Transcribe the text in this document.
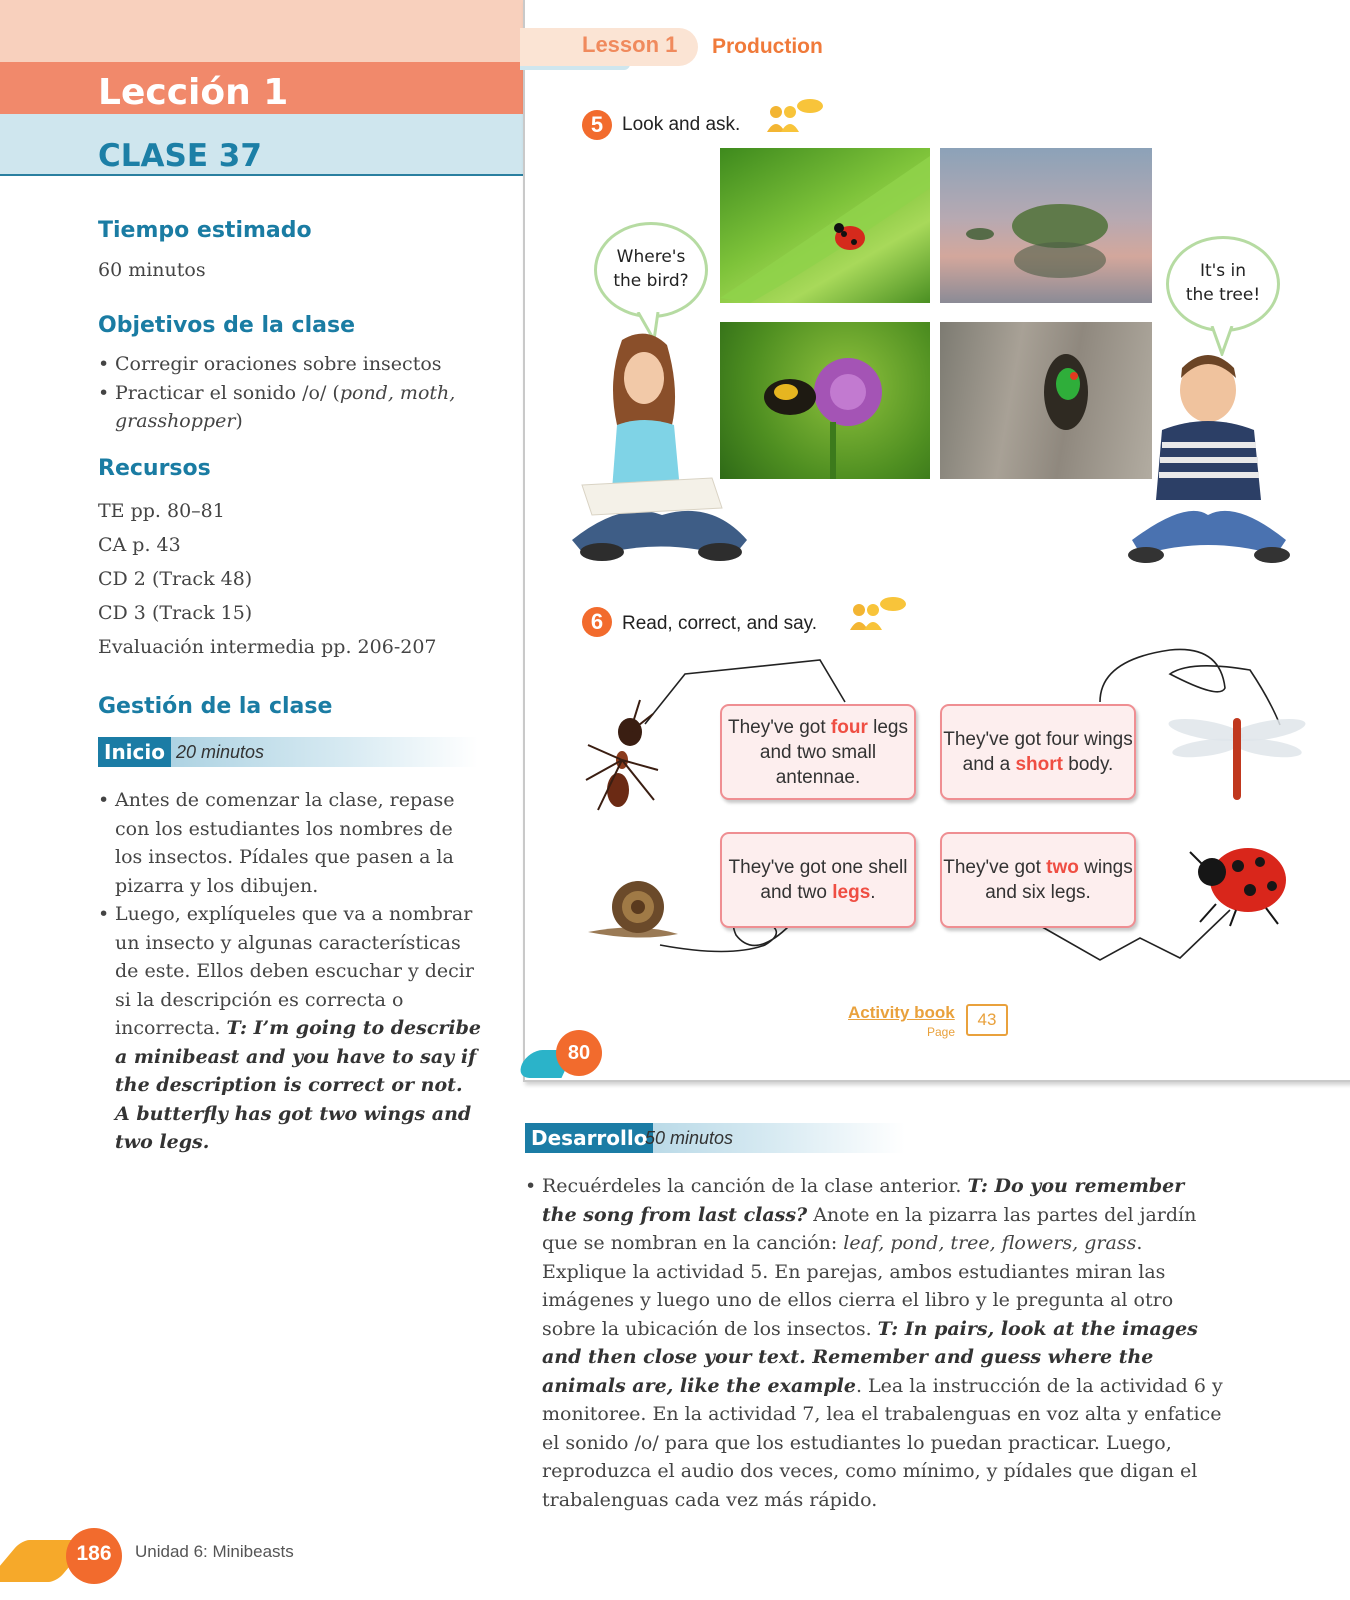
Lección 1
CLASE 37
Tiempo estimado
60 minutos
Objetivos de la clase
• Corregir oraciones sobre insectos
• Practicar el sonido /o/ (pond, moth,
grasshopper)
Recursos
TE pp. 80–81
CA p. 43
CD 2 (Track 48)
CD 3 (Track 15)
Evaluación intermedia pp. 206-207
Gestión de la clase
Inicio 20 minutos
• Antes de comenzar la clase, repase con los estudiantes los nombres de los insectos. Pídales que pasen a la pizarra y los dibujen.
• Luego, explíqueles que va a nombrar un insecto y algunas características de este. Ellos deben escuchar y decir si la descripción es correcta o incorrecta. T: I’m going to describe a minibeast and you have to say if the description is correct or not. A butterfly has got two wings and two legs.
Lesson 1 Production
5 Look and ask.
Where's
the bird?	It's in
the tree!
6 Read, correct, and say.
They've got four legs and two small antennae.
They've got four wings and a short body.
They've got one shell and two legs.
They've got two wings and six legs.
Activity book
Page
43
80
Desarrollo
50 minutos
• Recuérdeles la canción de la clase anterior. T: Do you remember the song from last class? Anote en la pizarra las partes del jardín que se nombran en la canción: leaf, pond, tree, flowers, grass. Explique la actividad 5. En parejas, ambos estudiantes miran las imágenes y luego uno de ellos cierra el libro y le pregunta al otro sobre la ubicación de los insectos. T: In pairs, look at the images and then close your text. Remember and guess where the animals are, like the example. Lea la instrucción de la actividad 6 y monitoree. En la actividad 7, lea el trabalenguas en voz alta y enfatice el sonido /o/ para que los estudiantes lo puedan practicar. Luego, reproduzca el audio dos veces, como mínimo, y pídales que digan el trabalenguas cada vez más rápido.
186	Unidad 6: Minibeasts
